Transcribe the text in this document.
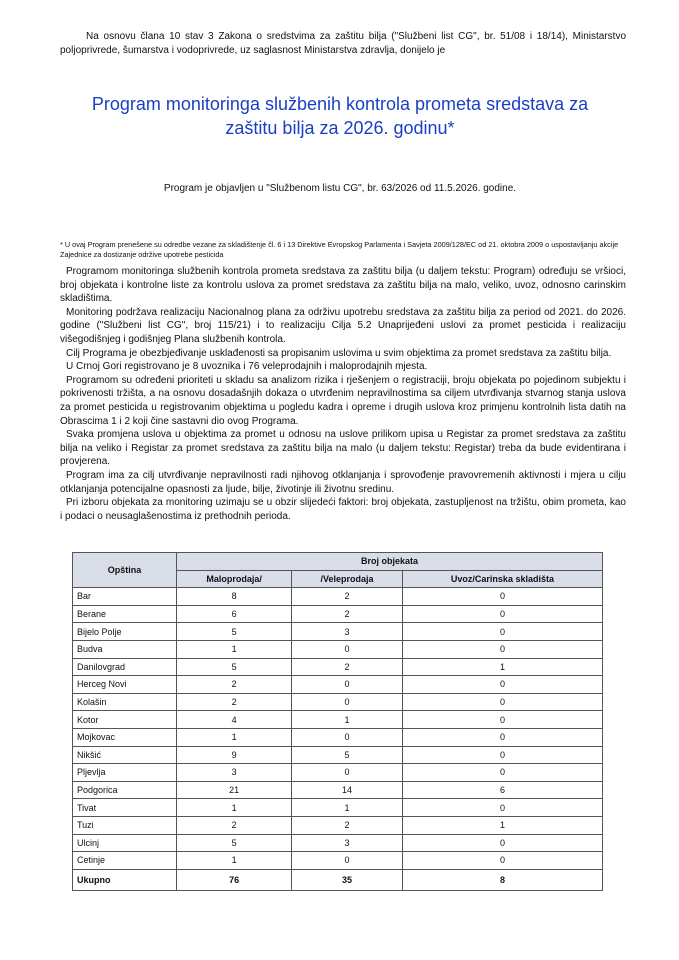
Na osnovu člana 10 stav 3 Zakona o sredstvima za zaštitu bilja ("Službeni list CG", br. 51/08 i 18/14), Ministarstvo poljoprivrede, šumarstva i vodoprivrede, uz saglasnost Ministarstva zdravlja, donijelo je
Program monitoringa službenih kontrola prometa sredstava za
zaštitu bilja za 2026. godinu*
Program je objavljen u "Službenom listu CG", br. 63/2026 od 11.5.2026. godine.
* U ovaj Program prenešene su odredbe vezane za skladištenje čl. 6 i 13 Direktive Evropskog Parlamenta i Savjeta 2009/128/EC od 21. oktobra 2009 o uspostavljanju akcije Zajednice za dostizanje održive upotrebe pesticida

Programom monitoringa službenih kontrola prometa sredstava za zaštitu bilja (u daljem tekstu: Program) određuju se vršioci, broj objekata i kontrolne liste za kontrolu uslova za promet sredstava za zaštitu bilja na malo, veliko, uvoz, odnosno carinskim skladištima.

Monitoring podržava realizaciju Nacionalnog plana za održivu upotrebu sredstava za zaštitu bilja za period od 2021. do 2026. godine ("Službeni list CG", broj 115/21) i to realizaciju Cilja 5.2 Unaprijeđeni uslovi za promet pesticida i realizaciju višegodišnjeg i godišnjeg Plana službenih kontrola.

Cilj Programa je obezbjeđivanje usklađenosti sa propisanim uslovima u svim objektima za promet sredstava za zaštitu bilja.

U Crnoj Gori registrovano je 8 uvoznika i 76 veleprodajnih i maloprodajnih mjesta.

Programom su određeni prioriteti u skladu sa analizom rizika i rješenjem o registraciji, broju objekata po pojedinom subjektu i pokrivenosti tržišta, a na osnovu dosadašnjih dokaza o utvrđenim nepravilnostima sa ciljem utvrđivanja stvarnog stanja uslova za promet pesticida u registrovanim objektima u pogledu kadra i opreme i drugih uslova kroz primjenu kontrolnih lista datih na Obrascima 1 i 2 koji čine sastavni dio ovog Programa.

Svaka promjena uslova u objektima za promet u odnosu na uslove prilikom upisa u Registar za promet sredstava za zaštitu bilja na veliko i Registar za promet sredstava za zaštitu bilja na malo (u daljem tekstu: Registar) treba da bude evidentirana i provjerena.

Program ima za cilj utvrđivanje nepravilnosti radi njihovog otklanjanja i sprovođenje pravovremenih aktivnosti i mjera u cilju otklanjanja potencijalne opasnosti za ljude, bilje, životinje ili životnu sredinu.

Pri izboru objekata za monitoring uzimaju se u obzir slijedeći faktori: broj objekata, zastupljenost na tržištu, obim prometa, kao i podaci o neusaglašenostima iz prethodnih perioda.

Opština	Broj objekata		
	Maloprodaja/	/Veleprodaja	Uvoz/Carinska skladišta
Bar	8	2	0
Berane	6	2	0
Bijelo Polje	5	3	0
Budva	1	0	0
Danilovgrad	5	2	1
Herceg Novi	2	0	0
Kolašin	2	0	0
Kotor	4	1	0
Mojkovac	1	0	0
Nikšić	9	5	0
Pljevlja	3	0	0
Podgorica	21	14	6
Tivat	1	1	0
Tuzi	2	2	1
Ulcinj	5	3	0
Cetinje	1	0	0
Ukupno	76	35	8
